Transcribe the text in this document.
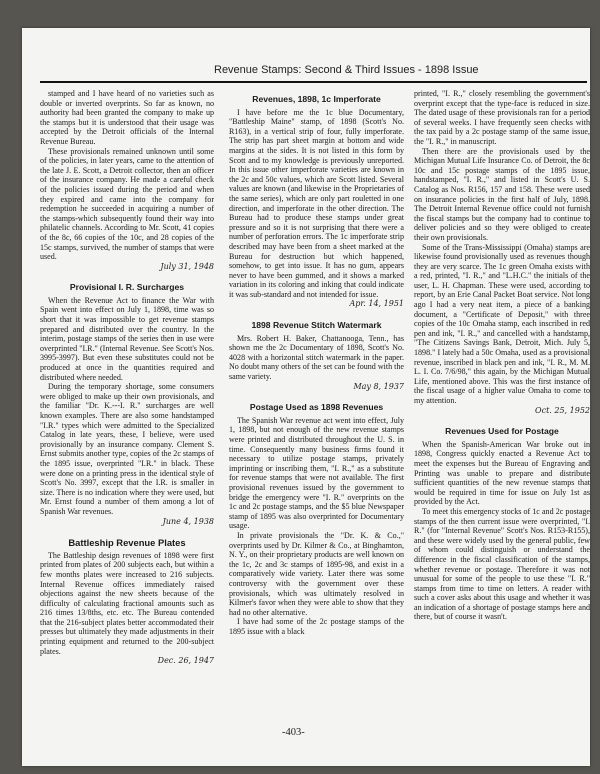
Revenue Stamps: Second & Third Issues - 1898 Issue

stamped and I have heard of no varieties such as double or inverted overprints. So far as known, no authority had been granted the company to make up the stamps but it is understood that their usage was accepted by the Detroit officials of the Internal Revenue Bureau.

These provisionals remained unknown until some of the policies, in later years, came to the attention of the late J. E. Scott, a Detroit collector, then an officer of the insurance company. He made a careful check of the policies issued during the period and when they expired and came into the company for redemption he succeeded in acquiring a number of the stamps-which subsequently found their way into philatelic channels. According to Mr. Scott, 41 copies of the 8c, 66 copies of the 10c, and 28 copies of the 15c stamps, survived, the number of stamps that were used.

July 31, 1948
Provisional I. R. Surcharges

When the Revenue Act to finance the War with Spain went into effect on July 1, 1898, time was so short that it was impossible to get revenue stamps prepared and distributed over the country. In the interim, postage stamps of the series then in use were overprinted "I.R." (Internal Revenue. See Scott's Nos. 3995-3997). But even these substitutes could not be produced at once in the quantities required and distributed where needed.

During the temporary shortage, some consumers were obliged to make up their own provisionals, and the familiar "Dr. K.---I. R." surcharges are well known examples. There are also some handstamped "I.R." types which were admitted to the Specialized Catalog in late years, these, I believe, were used provisionally by an insurance company. Clement S. Ernst submits another type, copies of the 2c stamps of the 1895 issue, overprinted "I.R." in black. These were done on a printing press in the identical style of Scott's No. 3997, except that the I.R. is smaller in size. There is no indication where they were used, but Mr. Ernst found a number of them among a lot of Spanish War revenues.

June 4, 1938
Battleship Revenue Plates

The Battleship design revenues of 1898 were first printed from plates of 200 subjects each, but within a few months plates were increased to 216 subjects. Internal Revenue offices immediately raised objections against the new sheets because of the difficulty of calculating fractional amounts such as 216 times 13/8ths, etc. etc. The Bureau contended that the 216-subject plates better accommodated their presses but ultimately they made adjustments in their printing equipment and returned to the 200-subject plates.

Dec. 26, 1947
Revenues, 1898, 1c Imperforate

I have before me the 1c blue Documentary, "Battleship Maine" stamp, of 1898 (Scott's No. R163), in a vertical strip of four, fully imperforate. The strip has part sheet margin at bottom and wide margins at the sides. It is not listed in this form by Scott and to my knowledge is previously unreported. In this issue other imperforate varieties are known in the 2c and 50c values, which are Scott listed. Several values are known (and likewise in the Proprietaries of the same series), which are only part rouletted in one direction, and imperforate in the other direction. The Bureau had to produce these stamps under great pressure and so it is not surprising that there were a number of perforation errors. The 1c imperforate strip described may have been from a sheet marked at the Bureau for destruction but which happened, somehow, to get into issue. It has no gum, appears never to have been gummed, and it shows a marked variation in its coloring and inking that could indicate it was sub-standard and not intended for issue.

Apr. 14, 1951
1898 Revenue Stitch Watermark

Mrs. Robert H. Baker, Chattanooga, Tenn., has shown me the 2c Documentary of 1898, Scott's No. 4028 with a horizontal stitch watermark in the paper. No doubt many others of the set can be found with the same variety.

May 8, 1937
Postage Used as 1898 Revenues

The Spanish War revenue act went into effect, July 1, 1898, but not enough of the new revenue stamps were printed and distributed throughout the U. S. in time. Consequently many business firms found it necessary to utilize postage stamps, privately imprinting or inscribing them, "I. R.," as a substitute for revenue stamps that were not available. The first provisional revenues issued by the government to bridge the emergency were "I. R." overprints on the 1c and 2c postage stamps, and the $5 blue Newspaper stamp of 1895 was also overprinted for Documentary usage.

In private provisionals the "Dr. K. & Co.," overprints used by Dr. Kilmer & Co., at Binghamton, N. Y., on their proprietary products are well known on the 1c, 2c and 3c stamps of 1895-98, and exist in a comparatively wide variety. Later there was some controversy with the government over these provisionals, which was ultimately resolved in Kilmer's favor when they were able to show that they had no other alternative.

I have had some of the 2c postage stamps of the 1895 issue with a black

printed, "I. R.," closely resembling the government's overprint except that the type-face is reduced in size. The dated usage of these provisionals ran for a period of several weeks. I have frequently seen checks with the tax paid by a 2c postage stamp of the same issue, the "I. R.," in manuscript.

Then there are the provisionals used by the Michigan Mutual Life Insurance Co. of Detroit, the 8c 10c and 15c postage stamps of the 1895 issue, handstamped, "I. R.," and listed in Scott's U. S. Catalog as Nos. R156, 157 and 158. These were used on insurance policies in the first half of July, 1898. The Detroit Internal Revenue office could not furnish the fiscal stamps but the company had to continue to deliver policies and so they were obliged to create their own provisionals.

Some of the Trans-Mississippi (Omaha) stamps are likewise found provisionally used as revenues though they are very scarce. The 1c green Omaha exists with a red, printed, "I. R.," and "L.H.C." the initials of the user, L. H. Chapman. These were used, according to report, by an Erie Canal Packet Boat service. Not long ago I had a very neat item, a piece of a banking document, a "Certificate of Deposit," with three copies of the 10c Omaha stamp, each inscribed in red pen and ink, "I. R.," and cancelled with a handstamp, "The Citizens Savings Bank, Detroit, Mich. July 5, 1898." I lately had a 50c Omaha, used as a provisional revenue, inscribed in black pen and ink, "I. R., M. M. L. I. Co. 7/6/98," this again, by the Michigan Mutual Life, mentioned above. This was the first instance of the fiscal usage of a higher value Omaha to come to my attention.

Oct. 25, 1952
Revenues Used for Postage

When the Spanish-American War broke out in 1898, Congress quickly enacted a Revenue Act to meet the expenses but the Bureau of Engraving and Printing was unable to prepare and distribute sufficient quantities of the new revenue stamps that would be required in time for issue on July 1st as provided by the Act.

To meet this emergency stocks of 1c and 2c postage stamps of the then current issue were overprinted, "I. R." (for "Internal Revenue" Scott's Nos. R153-R155), and these were widely used by the general public, few of whom could distinguish or understand the difference in the fiscal classification of the stamps, whether revenue or postage. Therefore it was not unusual for some of the people to use these "I. R." stamps from time to time on letters. A reader with such a cover asks about this usage and whether it was an indication of a shortage of postage stamps here and there, but of course it wasn't.

-403-
